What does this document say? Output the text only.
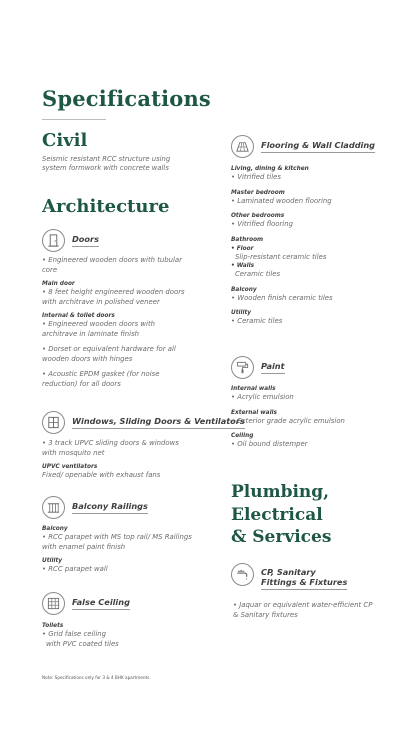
Specifications
Civil
Seismic resistant RCC structure using system formwork with concrete walls
Architecture
Doors
• Engineered wooden doors with tubular core
Main door
• 8 feet height engineered wooden doors with architrave in polished veneer
Internal & toilet doors
• Engineered wooden doors with architrave in laminate finish
• Dorset or equivalent hardware for all wooden doors with hinges
• Acoustic EPDM gasket (for noise reduction) for all doors
Windows, Sliding Doors & Ventilators
• 3 track UPVC sliding doors & windows with mosquito net
UPVC ventilators
Fixed/ openable with exhaust fans
Balcony Railings
Balcony
• RCC parapet with MS top rail/ MS Railings with enamel paint finish
Utility
• RCC parapet wall
False Ceiling
Toilets
• Grid false ceiling
with PVC coated tiles
Flooring & Wall Cladding
Living, dining & kitchen
• Vitrified tiles
Master bedroom
• Laminated wooden flooring
Other bedrooms
• Vitrified flooring
Bathroom
• Floor
Slip-resistant ceramic tiles
• Walls
Ceramic tiles
Balcony
• Wooden finish ceramic tiles
Utility
• Ceramic tiles
Paint
Internal walls
• Acrylic emulsion
External walls
• Exterior grade acrylic emulsion
Ceiling
• Oil bound distemper
Plumbing,
Electrical
& Services
CP, Sanitary
Fittings & Fixtures
• Jaquar or equivalent water-efficient CP & Sanitary fixtures
Note: Specifications only for 3 & 4 BHK apartments.
